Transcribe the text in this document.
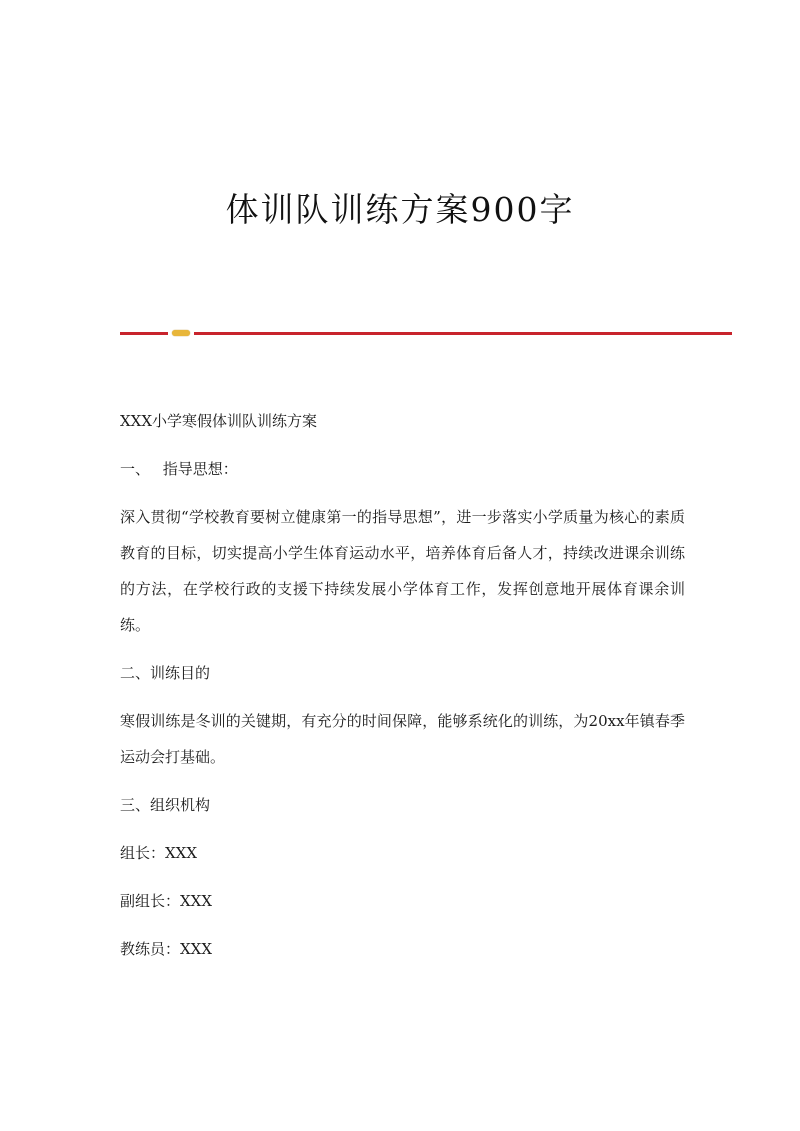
体训队训练方案900字

XXX小学寒假体训队训练方案

一、 指导思想：

深入贯彻“学校教育要树立健康第一的指导思想”，进一步落实小学质量为核心的素质教育的目标，切实提高小学生体育运动水平，培养体育后备人才，持续改进课余训练的方法，在学校行政的支援下持续发展小学体育工作，发挥创意地开展体育课余训练。

二、训练目的

寒假训练是冬训的关键期，有充分的时间保障，能够系统化的训练，为20xx年镇春季运动会打基础。

三、组织机构

组长：XXX

副组长：XXX

教练员：XXX
